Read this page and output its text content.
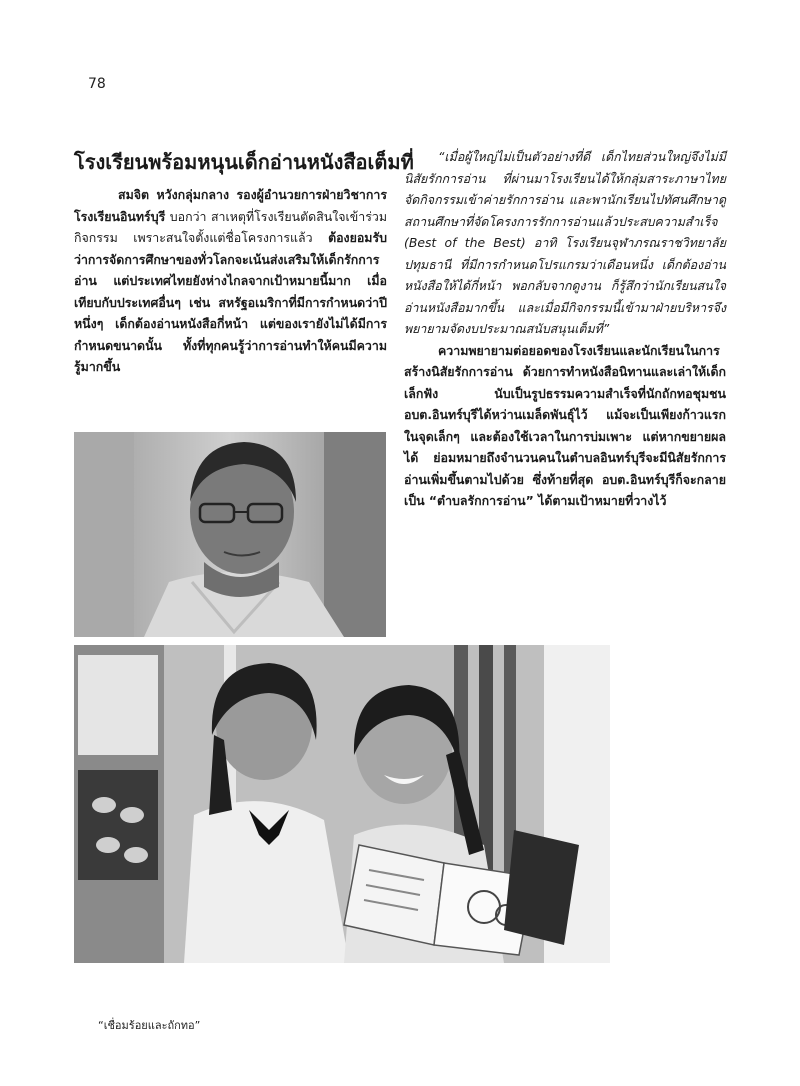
78
โรงเรียนพร้อมหนุนเด็กอ่านหนังสือเต็มที่

สมจิต หวังกลุ่มกลาง รองผู้อำนวยการฝ่ายวิชาการ โรงเรียนอินทร์บุรี บอกว่า สาเหตุที่โรงเรียนตัดสินใจเข้าร่วมกิจกรรม เพราะสนใจตั้งแต่ชื่อโครงการแล้ว ต้องยอมรับว่าการจัดการศึกษาของทั่วโลกจะเน้นส่งเสริมให้เด็กรักการอ่าน แต่ประเทศไทยยังห่างไกลจากเป้าหมายนี้มาก เมื่อเทียบกับประเทศอื่นๆ เช่น สหรัฐอเมริกาที่มีการกำหนดว่าปีหนึ่งๆ เด็กต้องอ่านหนังสือกี่หน้า แต่ของเรายังไม่ได้มีการกำหนดขนาดนั้น ทั้งที่ทุกคนรู้ว่าการอ่านทำให้คนมีความรู้มากขึ้น

“เมื่อผู้ใหญ่ไม่เป็นตัวอย่างที่ดี เด็กไทยส่วนใหญ่จึงไม่มีนิสัยรักการอ่าน ที่ผ่านมาโรงเรียนได้ให้กลุ่มสาระภาษาไทยจัดกิจกรรมเข้าค่ายรักการอ่าน และพานักเรียนไปทัศนศึกษาดูสถานศึกษาที่จัดโครงการรักการอ่านแล้วประสบความสำเร็จ (Best of the Best) อาทิ โรงเรียนจุฬาภรณราชวิทยาลัย ปทุมธานี ที่มีการกำหนดโปรแกรมว่าเดือนหนึ่ง เด็กต้องอ่านหนังสือให้ได้กี่หน้า พอกลับจากดูงาน ก็รู้สึกว่านักเรียนสนใจอ่านหนังสือมากขึ้น และเมื่อมีกิจกรรมนี้เข้ามาฝ่ายบริหารจึงพยายามจัดงบประมาณสนับสนุนเต็มที่”

ความพยายามต่อยอดของโรงเรียนและนักเรียนในการสร้างนิสัยรักการอ่าน ด้วยการทำหนังสือนิทานและเล่าให้เด็กเล็กฟัง นับเป็นรูปธรรมความสำเร็จที่นักถักทอชุมชน อบต.อินทร์บุรีได้หว่านเมล็ดพันธุ์ไว้ แม้จะเป็นเพียงก้าวแรกในจุดเล็กๆ และต้องใช้เวลาในการบ่มเพาะ แต่หากขยายผลได้ ย่อมหมายถึงจำนวนคนในตำบลอินทร์บุรีจะมีนิสัยรักการอ่านเพิ่มขึ้นตามไปด้วย ซึ่งท้ายที่สุด อบต.อินทร์บุรีก็จะกลายเป็น “ตำบลรักการอ่าน” ได้ตามเป้าหมายที่วางไว้

“เชื่อมร้อยและถักทอ”
